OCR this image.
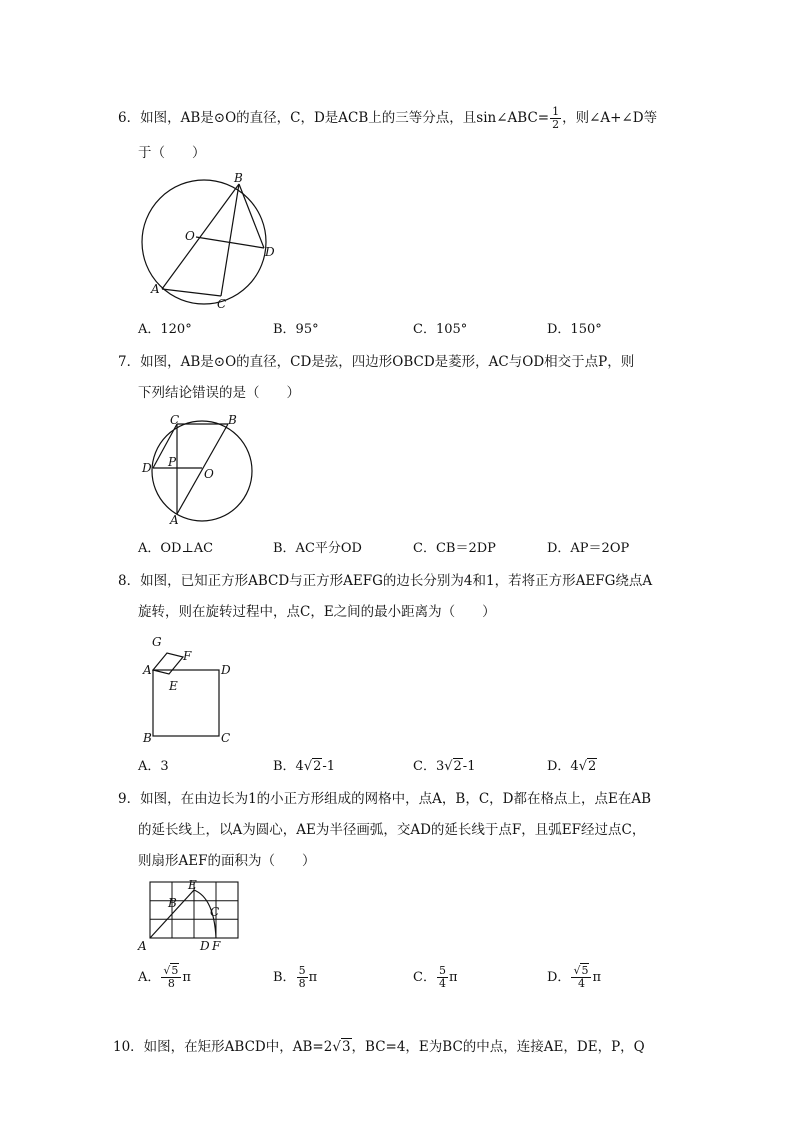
6．如图，AB是⊙O的直径，C，D是ACB上的三等分点，且sin∠ABC= $\frac{1}{2}$ ，则∠A+∠D等
于（　　）
B
O
D
A
C
A．120°	B．95°	C．105°	D．150°
7．如图，AB是⊙O的直径，CD是弦，四边形OBCD是菱形，AC与OD相交于点P，则
下列结论错误的是（　　）
C	B
D P
O
A
A．OD⊥AC	B．AC平分OD	C．CB＝2DP	D．AP＝2OP
8．如图，已知正方形ABCD与正方形AEFG的边长分别为4和1，若将正方形AEFG绕点A
旋转，则在旋转过程中，点C，E之间的最小距离为（　　）
G
F
A	D
E
B	C
A．3	B．4√2-1	C．3√2-1	D．4√2
9．如图，在由边长为1的小正方形组成的网格中，点A，B，C，D都在格点上，点E在AB
的延长线上，以A为圆心，AE为半径画弧，交AD的延长线于点F，且弧EF经过点C，
则扇形AEF的面积为（　　）
E
B
C
A	D F
A． $\frac{√5}{8}$ π	B． $\frac{5}{8}$ π	C． $\frac{5}{4}$ π	D． $\frac{√5}{4}$ π
10．如图，在矩形ABCD中，AB=2√3，BC=4，E为BC的中点，连接AE，DE，P，Q
